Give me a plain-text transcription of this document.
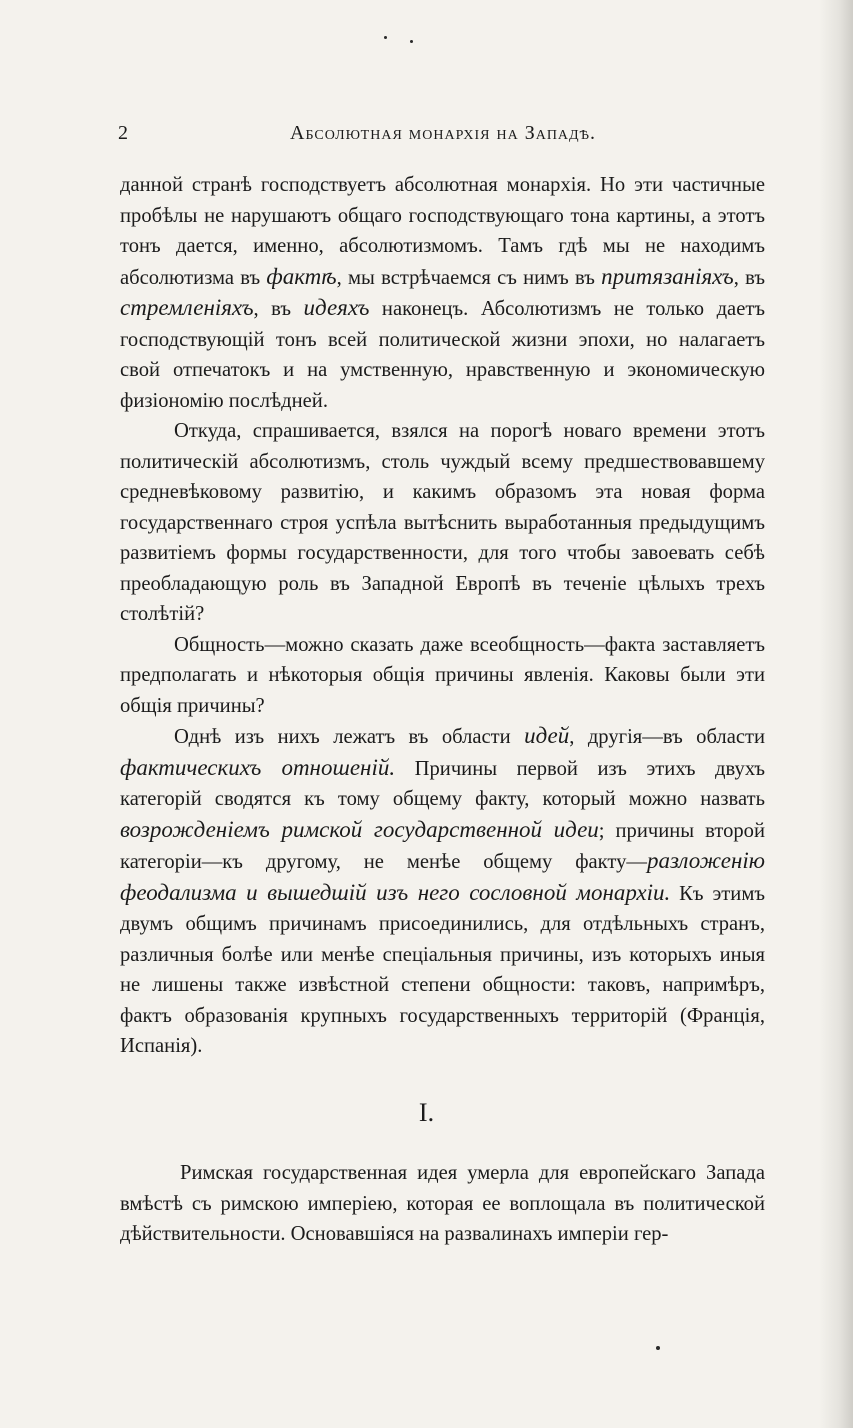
2	Абсолютная монархія на Западѣ.

данной странѣ господствуетъ абсолютная монархія. Но эти частичные пробѣлы не нарушаютъ общаго господствующаго тона картины, а этотъ тонъ дается, именно, абсолютизмомъ. Тамъ гдѣ мы не находимъ абсолютизма въ фактѣ, мы встрѣчаемся съ нимъ въ притязаніяхъ, въ стремленіяхъ, въ идеяхъ наконецъ. Абсолютизмъ не только даетъ господствующій тонъ всей политической жизни эпохи, но налагаетъ свой отпечатокъ и на умственную, нравственную и экономическую физіономію послѣдней.

Откуда, спрашивается, взялся на порогѣ новаго времени этотъ политическій абсолютизмъ, столь чуждый всему предшествовавшему средневѣковому развитію, и какимъ образомъ эта новая форма государственнаго строя успѣла вытѣснить выработанныя предыдущимъ развитіемъ формы государственности, для того чтобы завоевать себѣ преобладающую роль въ Западной Европѣ въ теченіе цѣлыхъ трехъ столѣтій?

Общность—можно сказать даже всеобщность—факта заставляетъ предполагать и нѣкоторыя общія причины явленія. Каковы были эти общія причины?

Однѣ изъ нихъ лежатъ въ области идей, другія—въ области фактическихъ отношеній. Причины первой изъ этихъ двухъ категорій сводятся къ тому общему факту, который можно назвать возрожденіемъ римской государственной идеи; причины второй категоріи—къ другому, не менѣе общему факту—разложенію феодализма и вышедшій изъ него сословной монархіи. Къ этимъ двумъ общимъ причинамъ присоединились, для отдѣльныхъ странъ, различныя болѣе или менѣе спеціальныя причины, изъ которыхъ иныя не лишены также извѣстной степени общности: таковъ, напримѣръ, фактъ образованія крупныхъ государственныхъ территорій (Франція, Испанія).

I.

Римская государственная идея умерла для европейскаго Запада вмѣстѣ съ римскою имперіею, которая ее воплощала въ политической дѣйствительности. Основавшіяся на развалинахъ имперіи гер-
